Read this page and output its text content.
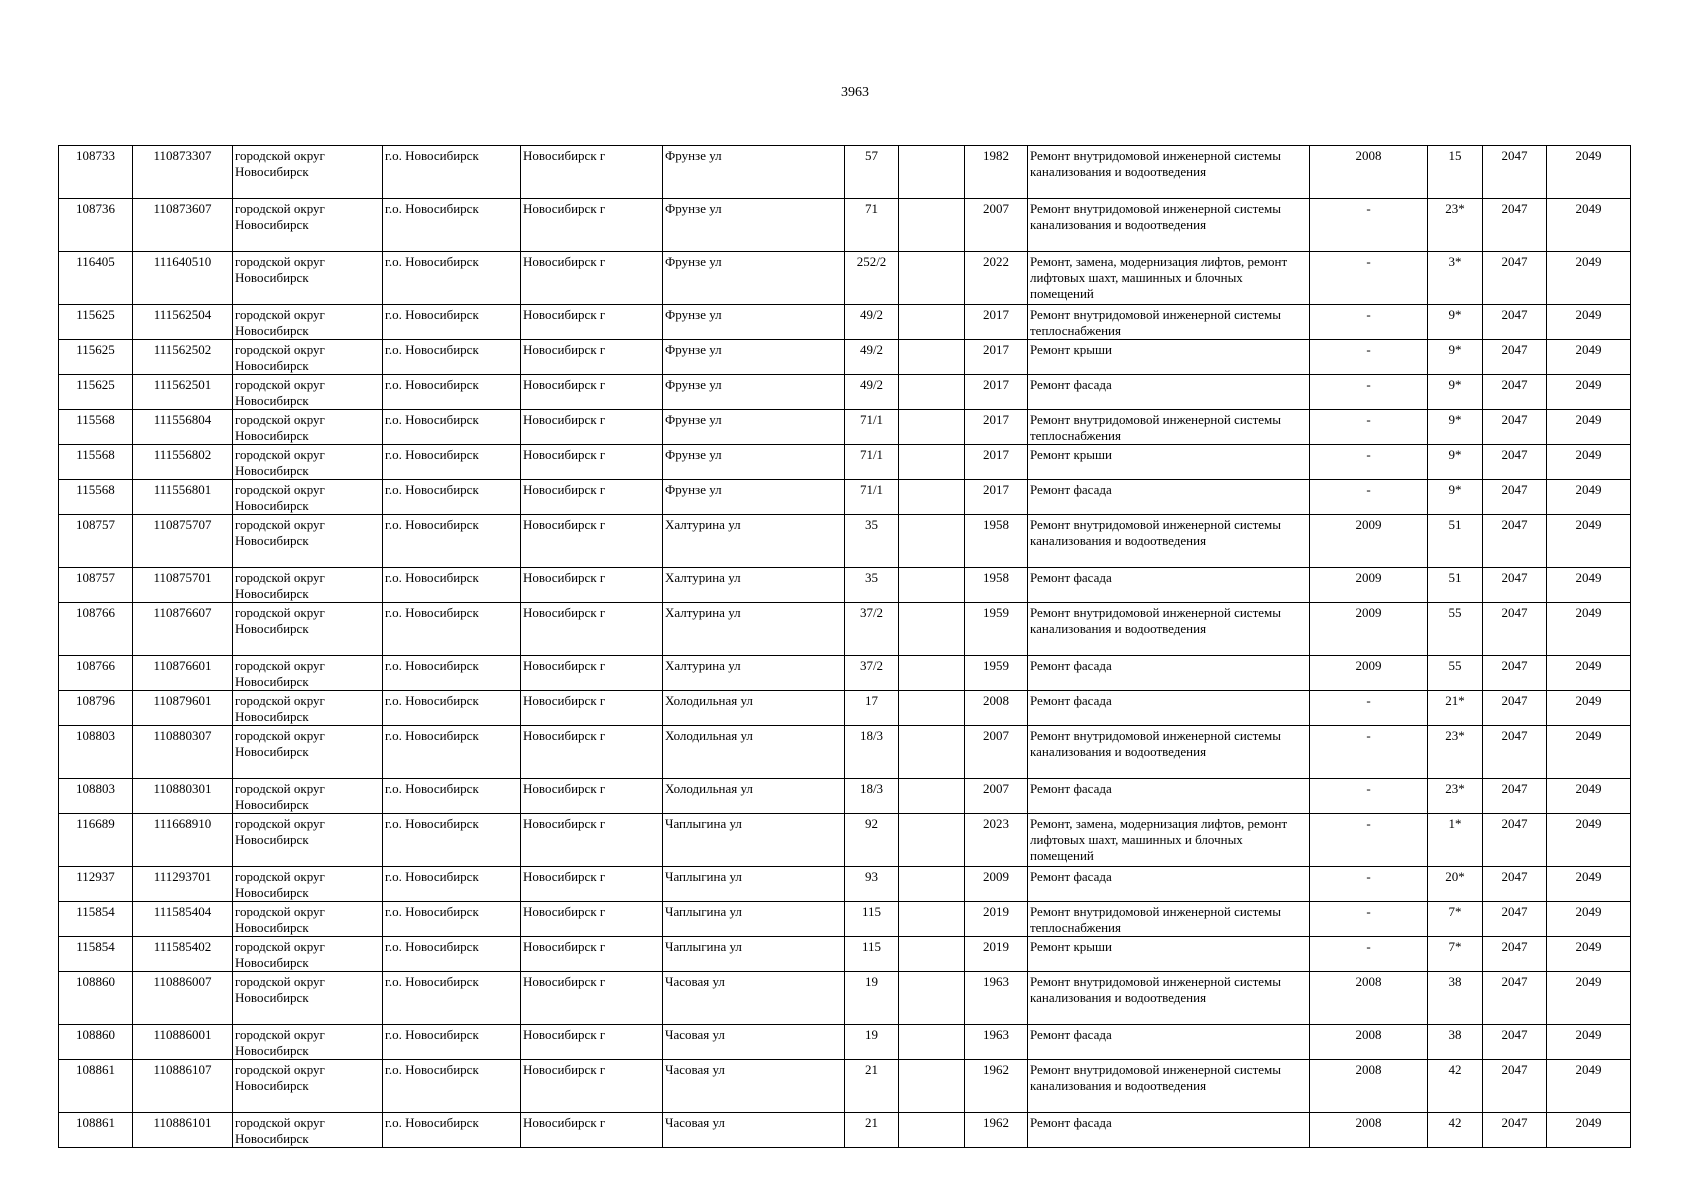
3963
108733	110873307	городской округ Новосибирск	г.о. Новосибирск	Новосибирск г	Фрунзе ул	57		1982	Ремонт внутридомовой инженерной системы канализования и водоотведения	2008	15	2047	2049
108736	110873607	городской округ Новосибирск	г.о. Новосибирск	Новосибирск г	Фрунзе ул	71		2007	Ремонт внутридомовой инженерной системы канализования и водоотведения	-	23*	2047	2049
116405	111640510	городской округ Новосибирск	г.о. Новосибирск	Новосибирск г	Фрунзе ул	252/2		2022	Ремонт, замена, модернизация лифтов, ремонт лифтовых шахт, машинных и блочных помещений	-	3*	2047	2049
115625	111562504	городской округ Новосибирск	г.о. Новосибирск	Новосибирск г	Фрунзе ул	49/2		2017	Ремонт внутридомовой инженерной системы теплоснабжения	-	9*	2047	2049
115625	111562502	городской округ Новосибирск	г.о. Новосибирск	Новосибирск г	Фрунзе ул	49/2		2017	Ремонт крыши	-	9*	2047	2049
115625	111562501	городской округ Новосибирск	г.о. Новосибирск	Новосибирск г	Фрунзе ул	49/2		2017	Ремонт фасада	-	9*	2047	2049
115568	111556804	городской округ Новосибирск	г.о. Новосибирск	Новосибирск г	Фрунзе ул	71/1		2017	Ремонт внутридомовой инженерной системы теплоснабжения	-	9*	2047	2049
115568	111556802	городской округ Новосибирск	г.о. Новосибирск	Новосибирск г	Фрунзе ул	71/1		2017	Ремонт крыши	-	9*	2047	2049
115568	111556801	городской округ Новосибирск	г.о. Новосибирск	Новосибирск г	Фрунзе ул	71/1		2017	Ремонт фасада	-	9*	2047	2049
108757	110875707	городской округ Новосибирск	г.о. Новосибирск	Новосибирск г	Халтурина ул	35		1958	Ремонт внутридомовой инженерной системы канализования и водоотведения	2009	51	2047	2049
108757	110875701	городской округ Новосибирск	г.о. Новосибирск	Новосибирск г	Халтурина ул	35		1958	Ремонт фасада	2009	51	2047	2049
108766	110876607	городской округ Новосибирск	г.о. Новосибирск	Новосибирск г	Халтурина ул	37/2		1959	Ремонт внутридомовой инженерной системы канализования и водоотведения	2009	55	2047	2049
108766	110876601	городской округ Новосибирск	г.о. Новосибирск	Новосибирск г	Халтурина ул	37/2		1959	Ремонт фасада	2009	55	2047	2049
108796	110879601	городской округ Новосибирск	г.о. Новосибирск	Новосибирск г	Холодильная ул	17		2008	Ремонт фасада	-	21*	2047	2049
108803	110880307	городской округ Новосибирск	г.о. Новосибирск	Новосибирск г	Холодильная ул	18/3		2007	Ремонт внутридомовой инженерной системы канализования и водоотведения	-	23*	2047	2049
108803	110880301	городской округ Новосибирск	г.о. Новосибирск	Новосибирск г	Холодильная ул	18/3		2007	Ремонт фасада	-	23*	2047	2049
116689	111668910	городской округ Новосибирск	г.о. Новосибирск	Новосибирск г	Чаплыгина ул	92		2023	Ремонт, замена, модернизация лифтов, ремонт лифтовых шахт, машинных и блочных помещений	-	1*	2047	2049
112937	111293701	городской округ Новосибирск	г.о. Новосибирск	Новосибирск г	Чаплыгина ул	93		2009	Ремонт фасада	-	20*	2047	2049
115854	111585404	городской округ Новосибирск	г.о. Новосибирск	Новосибирск г	Чаплыгина ул	115		2019	Ремонт внутридомовой инженерной системы теплоснабжения	-	7*	2047	2049
115854	111585402	городской округ Новосибирск	г.о. Новосибирск	Новосибирск г	Чаплыгина ул	115		2019	Ремонт крыши	-	7*	2047	2049
108860	110886007	городской округ Новосибирск	г.о. Новосибирск	Новосибирск г	Часовая ул	19		1963	Ремонт внутридомовой инженерной системы канализования и водоотведения	2008	38	2047	2049
108860	110886001	городской округ Новосибирск	г.о. Новосибирск	Новосибирск г	Часовая ул	19		1963	Ремонт фасада	2008	38	2047	2049
108861	110886107	городской округ Новосибирск	г.о. Новосибирск	Новосибирск г	Часовая ул	21		1962	Ремонт внутридомовой инженерной системы канализования и водоотведения	2008	42	2047	2049
108861	110886101	городской округ Новосибирск	г.о. Новосибирск	Новосибирск г	Часовая ул	21		1962	Ремонт фасада	2008	42	2047	2049
